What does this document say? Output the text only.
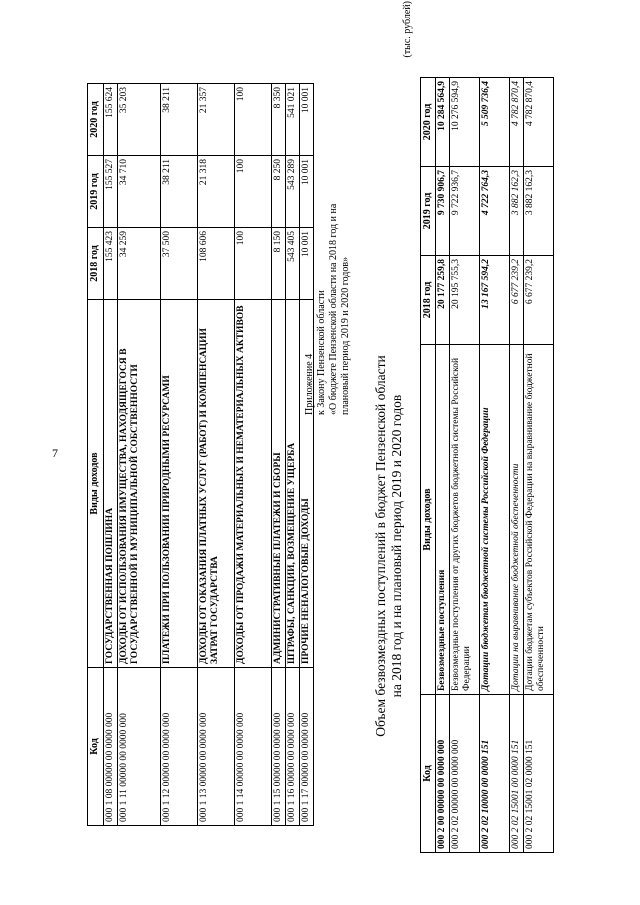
7
Код	Виды доходов	2018 год	2019 год	2020 год
000 1 08 00000 00 0000 000	ГОСУДАРСТВЕННАЯ ПОШЛИНА	155 423	155 527	155 624
000 1 11 00000 00 0000 000	ДОХОДЫ ОТ ИСПОЛЬЗОВАНИЯ ИМУЩЕСТВА, НАХОДЯЩЕГОСЯ В ГОСУДАРСТВЕННОЙ И МУНИЦИПАЛЬНОЙ СОБСТВЕННОСТИ	34 259	34 710	35 203
000 1 12 00000 00 0000 000	ПЛАТЕЖИ ПРИ ПОЛЬЗОВАНИИ ПРИРОДНЫМИ РЕСУРСАМИ	37 500	38 211	38 211
000 1 13 00000 00 0000 000	ДОХОДЫ ОТ ОКАЗАНИЯ ПЛАТНЫХ УСЛУГ (РАБОТ) И КОМПЕНСАЦИИ ЗАТРАТ ГОСУДАРСТВА	108 606	21 318	21 357
000 1 14 00000 00 0000 000	ДОХОДЫ ОТ ПРОДАЖИ МАТЕРИАЛЬНЫХ И НЕМАТЕРИАЛЬНЫХ АКТИВОВ	100	100	100
000 1 15 00000 00 0000 000	АДМИНИСТРАТИВНЫЕ ПЛАТЕЖИ И СБОРЫ	8 150	8 250	8 350
000 1 16 00000 00 0000 000	ШТРАФЫ, САНКЦИИ, ВОЗМЕЩЕНИЕ УЩЕРБА	543 405	543 289	541 021
000 1 17 00000 00 0000 000	ПРОЧИЕ НЕНАЛОГОВЫЕ ДОХОДЫ	10 001	10 001	10 001
Приложение 4 к Закону Пензенской области «О бюджете Пензенской области на 2018 год и на плановый период 2019 и 2020 годов»
Объем безвозмездных поступлений в бюджет Пензенской области на 2018 год и на плановый период 2019 и 2020 годов
(тыс. рублей)
Код	Виды доходов	2018 год	2019 год	2020 год
000 2 00 00000 00 0000 000	Безвозмездные поступления	20 177 259,8	9 730 906,7	10 284 564,9
000 2 02 00000 00 0000 000	Безвозмездные поступления от других бюджетов бюджетной системы Российской Федерации	20 195 755,3	9 722 936,7	10 276 594,9
000 2 02 10000 00 0000 151	Дотации бюджетам бюджетной системы Российской Федерации	13 167 594,2	4 722 764,3	5 509 736,4
000 2 02 15001 00 0000 151	Дотации на выравнивание бюджетной обеспеченности	6 677 239,2	3 882 162,3	4 782 870,4
000 2 02 15001 02 0000 151	Дотации бюджетам субъектов Российской Федерации на выравнивание бюджетной обеспеченности	6 677 239,2	3 882 162,3	4 782 870,4
